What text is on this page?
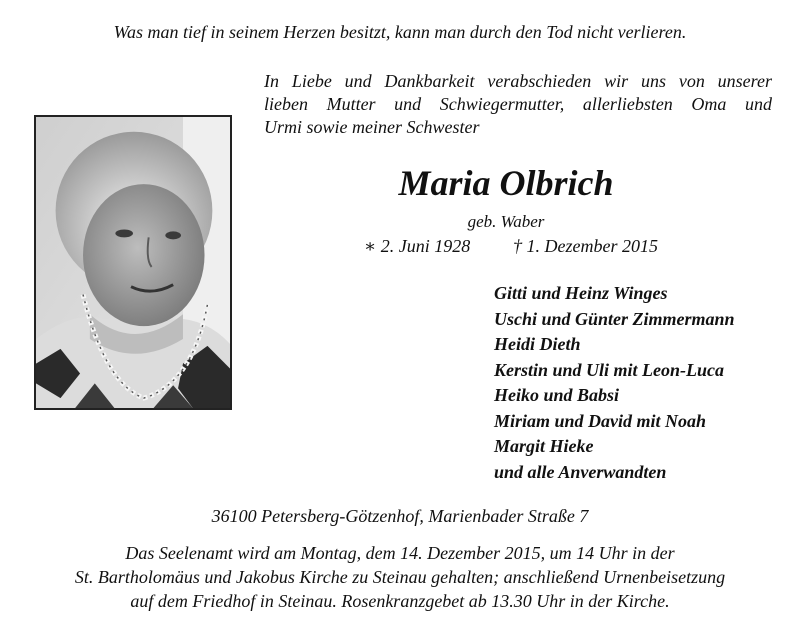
Was man tief in seinem Herzen besitzt, kann man durch den Tod nicht verlieren.
In Liebe und Dankbarkeit verabschieden wir uns von unserer
lieben Mutter und Schwiegermutter, allerliebsten Oma und
Urmi sowie meiner Schwester
Maria Olbrich
geb. Waber
∗ 2. Juni 1928 † 1. Dezember 2015
Gitti und Heinz Winges
Uschi und Günter Zimmermann
Heidi Dieth
Kerstin und Uli mit Leon-Luca
Heiko und Babsi
Miriam und David mit Noah
Margit Hieke
und alle Anverwandten
36100 Petersberg-Götzenhof, Marienbader Straße 7
Das Seelenamt wird am Montag, dem 14. Dezember 2015, um 14 Uhr in der
St. Bartholomäus und Jakobus Kirche zu Steinau gehalten; anschließend Urnenbeisetzung
auf dem Friedhof in Steinau. Rosenkranzgebet ab 13.30 Uhr in der Kirche.
